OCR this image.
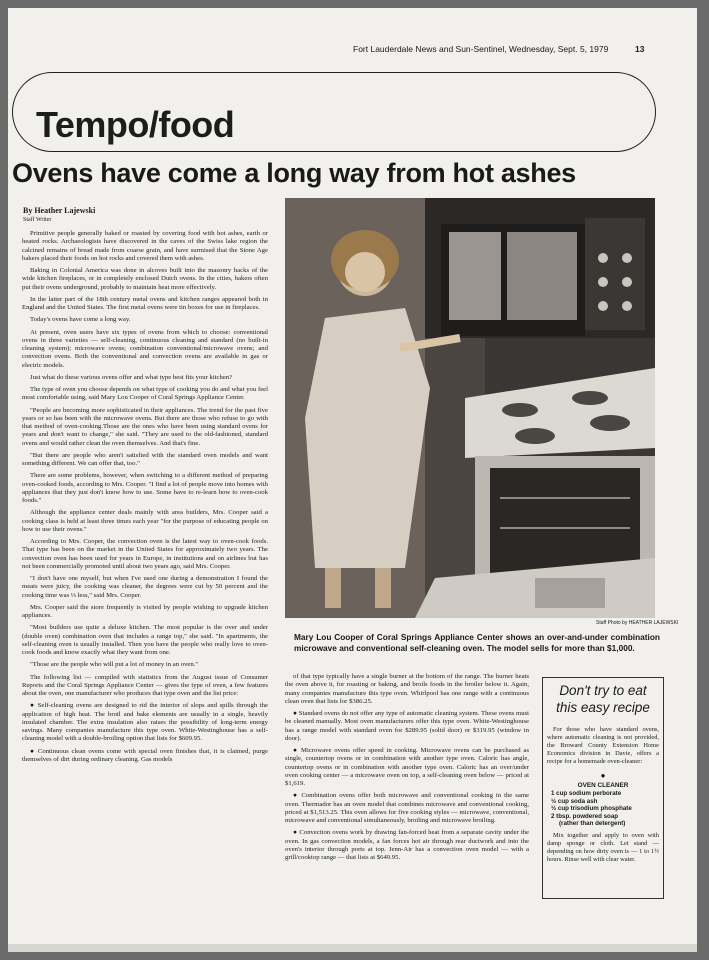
Fort Lauderdale News and Sun-Sentinel, Wednesday, Sept. 5, 1979	13
Tempo/food
Ovens have come a long way from hot ashes
By Heather Lajewski
Staff Writer

Primitive people generally baked or roasted by covering food with hot ashes, earth or heated rocks. Archaeologists have discovered in the caves of the Swiss lake region the calcined remains of bread made from coarse grain, and have surmised that the Stone Age bakers placed their foods on hot rocks and covered them with ashes.

Baking in Colonial America was done in alcoves built into the masonry backs of the wide kitchen fireplaces, or in completely enclosed Dutch ovens. In the cities, bakers often put their ovens underground, probably to maintain heat more effectively.

In the latter part of the 18th century metal ovens and kitchen ranges appeared both in England and the United States. The first metal ovens were tin boxes for use in fireplaces.

Today's ovens have come a long way.

At present, oven users have six types of ovens from which to choose: conventional ovens in three varieties — self-cleaning, continuous cleaning and standard (no built-in cleaning system); microwave ovens; combination conventional/microwave ovens; and convection ovens. Both the conventional and convection ovens are available in gas or electric models.

Just what do these various ovens offer and what type best fits your kitchen?

The type of oven you choose depends on what type of cooking you do and what you feel most comfortable using, said Mary Lou Cooper of Coral Springs Appliance Center.

"People are becoming more sophisticated in their appliances. The trend for the past five years or so has been with the microwave ovens. But there are those who refuse to go with that method of oven-cooking.Those are the ones who have been using standard ovens for years and don't want to change," she said. "They are used to the old-fashioned, standard ovens and would rather clean the oven themselves. And that's fine.

"But there are people who aren't satisfied with the standard oven models and want something different. We can offer that, too."

There are some problems, however, when switching to a different method of preparing oven-cooked foods, according to Mrs. Cooper. "I find a lot of people move into homes with appliances that they just don't know how to use. Some have to re-learn how to oven-cook foods."

Although the appliance center deals mainly with area builders, Mrs. Cooper said a cooking class is held at least three times each year "for the purpose of educating people on how to use their ovens."

According to Mrs. Cooper, the convection oven is the latest way to oven-cook foods. That type has been on the market in the United States for approximately two years. The convection oven has been used for years in Europe, in institutions and on airlines but has not been commercially promoted until about two years ago, said Mrs. Cooper.

"I don't have one myself, but when I've used one during a demonstration I found the meats were juicy, the cooking was cleaner, the degrees were cut by 50 percent and the cooking time was ⅓ less," said Mrs. Cooper.

Mrs. Cooper said the store frequently is visited by people wishing to upgrade kitchen appliances.

"Most builders use quite a deluxe kitchen. The most popular is the over and under (double oven) combination oven that includes a range top," she said. "In apartments, the self-cleaning oven is usually installed. Then you have the people who really love to oven-cook foods and know exactly what they want from one.

"Those are the people who will put a lot of money in an oven."

The following list — compiled with statistics from the August issue of Consumer Reports and the Coral Springs Appliance Center — gives the type of oven, a few features about the oven, one manufacturer who produces that type oven and the list price:

● Self-cleaning ovens are designed to rid the interior of slops and spills through the application of high heat. The broil and bake elements are usually in a single, heavily insulated chamber. The extra insulation also raises the possibility of long-term energy savings. Many companies manufacture this type oven. White-Westinghouse has a self-cleaning model with a double-broiling option that lists for $609.95.

● Continuous clean ovens come with special oven finishes that, it is claimed, purge themselves of dirt during ordinary cleaning. Gas models

Staff Photo by HEATHER LAJEWSKI
Mary Lou Cooper of Coral Springs Appliance Center shows an over-and-under combination microwave and conventional self-cleaning oven. The model sells for more than $1,000.

of that type typically have a single burner at the bottom of the range. The burner heats the oven above it, for roasting or baking, and broils foods in the broiler below it. Again, many companies manufacture this type oven. Whirlpool has one range with a continuous clean oven that lists for $386.25.

● Standard ovens do not offer any type of automatic cleaning system. These ovens must be cleaned manually. Most oven manufacturers offer this type oven. White-Westinghouse has a range model with standard oven for $289.95 (solid door) or $319.95 (window in door).

● Microwave ovens offer speed in cooking. Microwave ovens can be purchased as single, countertop ovens or in combination with another type oven. Caloric has angle, countertop ovens or in combination with another type oven. Caloric has an over/under oven cooking center — a microwave oven on top, a self-cleaning oven below — priced at $1,619.

● Combination ovens offer both microwave and conventional cooking in the same oven. Thermador has an oven model that combines microwave and conventional cooking, priced at $1,513.25. This oven allows for five cooking styles — microwave, conventional, microwave and conventional simultaneously, broiling and microwave broiling.

● Convection ovens work by drawing fan-forced heat from a separate cavity under the oven. In gas convection models, a fan forces hot air through rear ductwork and into the oven's interior through ports at top. Jenn-Air has a convection oven model — with a grill/cooktop range — that lists at $649.95.

Don't try to eat this easy recipe

For those who have standard ovens, where automatic cleaning is not provided, the Broward County Extension Home Economics division in Davie, offers a recipe for a homemade oven-cleaner:

●
OVEN CLEANER
1 cup sodium perborate
½ cup soda ash
½ cup trisodium phosphate
2 tbsp. powdered soap
(rather than detergent)

Mix together and apply to oven with damp sponge or cloth. Let stand — depending on how dirty oven is — 1 to 1½ hours. Rinse well with clear water.
